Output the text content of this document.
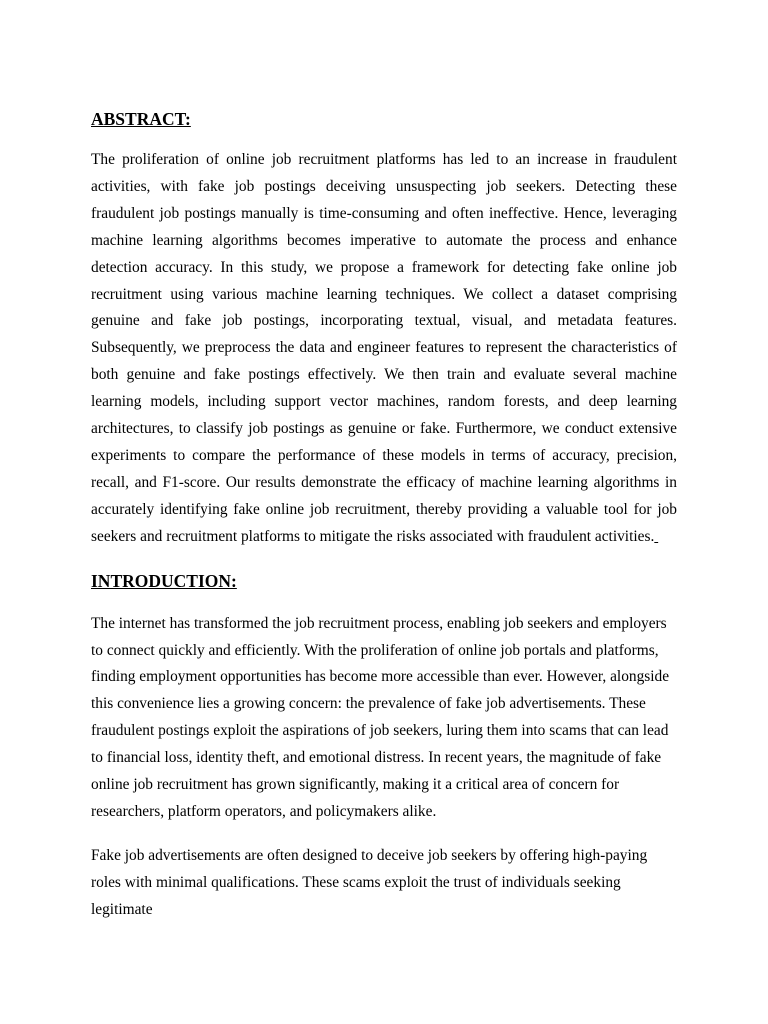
ABSTRACT:

The proliferation of online job recruitment platforms has led to an increase in fraudulent activities, with fake job postings deceiving unsuspecting job seekers. Detecting these fraudulent job postings manually is time-consuming and often ineffective. Hence, leveraging machine learning algorithms becomes imperative to automate the process and enhance detection accuracy. In this study, we propose a framework for detecting fake online job recruitment using various machine learning techniques. We collect a dataset comprising genuine and fake job postings, incorporating textual, visual, and metadata features. Subsequently, we preprocess the data and engineer features to represent the characteristics of both genuine and fake postings effectively. We then train and evaluate several machine learning models, including support vector machines, random forests, and deep learning architectures, to classify job postings as genuine or fake. Furthermore, we conduct extensive experiments to compare the performance of these models in terms of accuracy, precision, recall, and F1-score. Our results demonstrate the efficacy of machine learning algorithms in accurately identifying fake online job recruitment, thereby providing a valuable tool for job seekers and recruitment platforms to mitigate the risks associated with fraudulent activities.

INTRODUCTION:

The internet has transformed the job recruitment process, enabling job seekers and employers to connect quickly and efficiently. With the proliferation of online job portals and platforms, finding employment opportunities has become more accessible than ever. However, alongside this convenience lies a growing concern: the prevalence of fake job advertisements. These fraudulent postings exploit the aspirations of job seekers, luring them into scams that can lead to financial loss, identity theft, and emotional distress. In recent years, the magnitude of fake online job recruitment has grown significantly, making it a critical area of concern for researchers, platform operators, and policymakers alike.

Fake job advertisements are often designed to deceive job seekers by offering high-paying roles with minimal qualifications. These scams exploit the trust of individuals seeking legitimate
